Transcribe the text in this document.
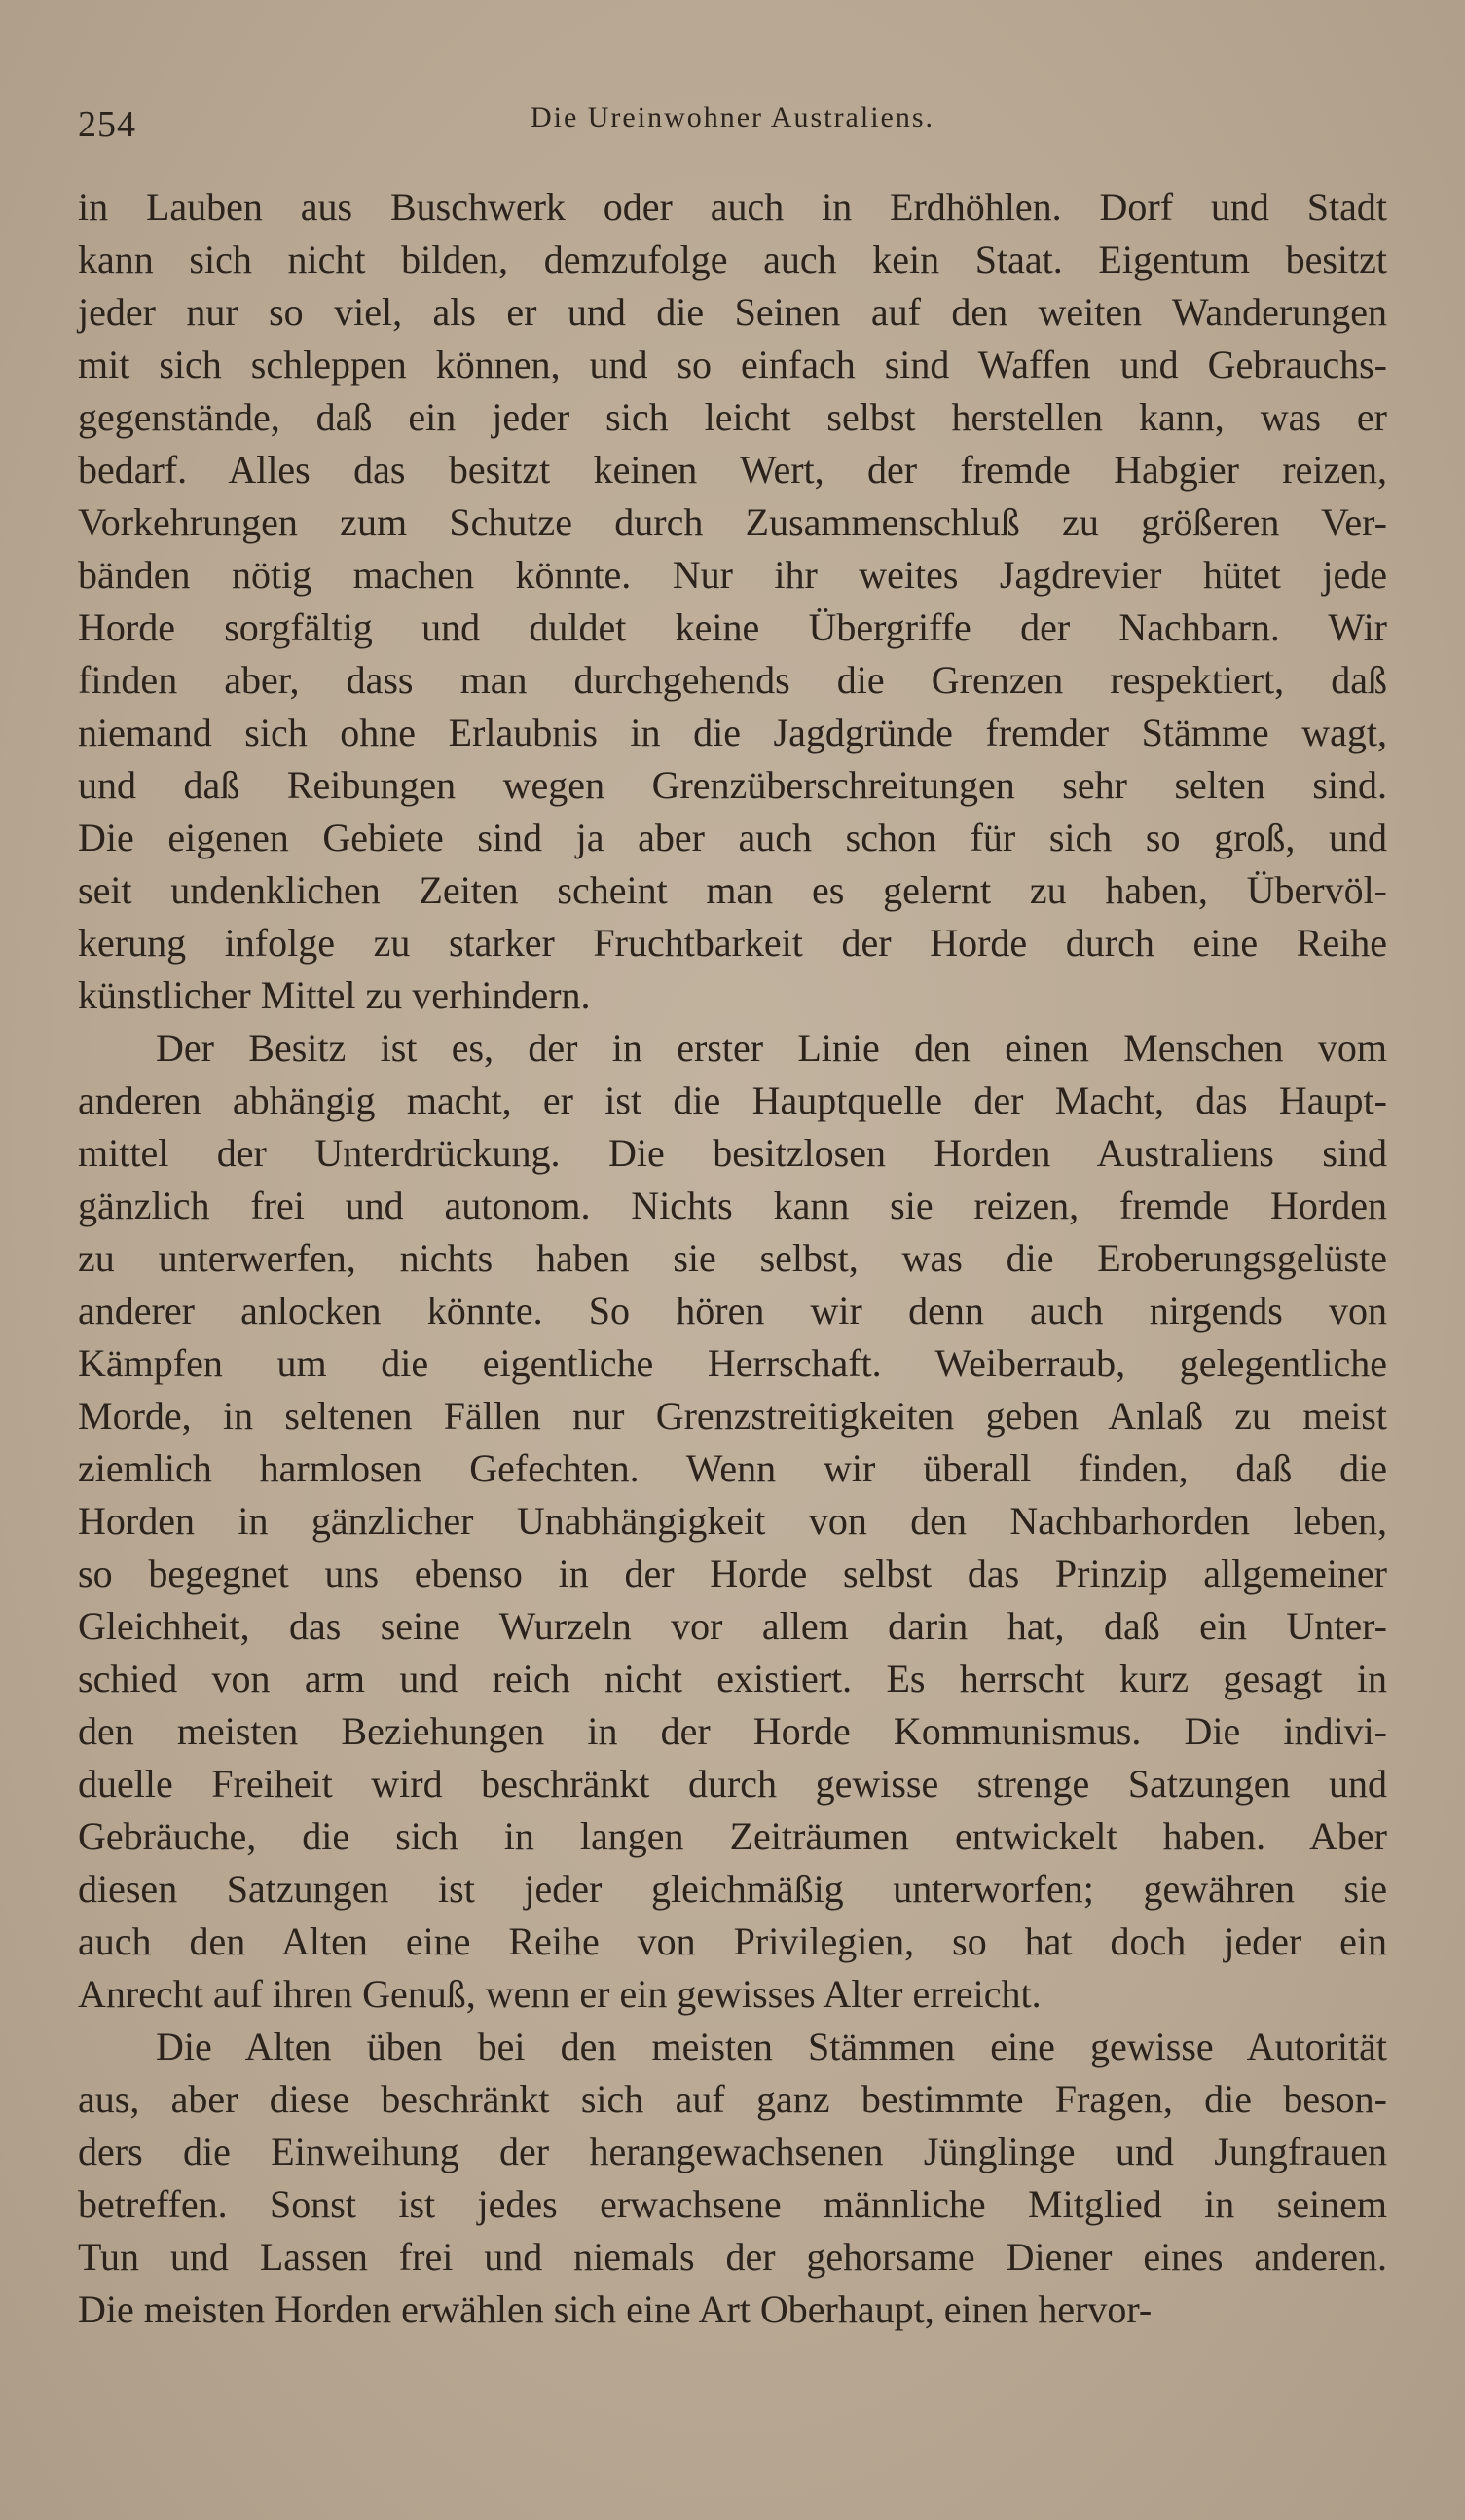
254	Die Ureinwohner Australiens.
in Lauben aus Buschwerk oder auch in Erdhöhlen. Dorf und Stadt
kann sich nicht bilden, demzufolge auch kein Staat. Eigentum besitzt
jeder nur so viel, als er und die Seinen auf den weiten Wanderungen
mit sich schleppen können, und so einfach sind Waffen und Gebrauchs-
gegenstände, daß ein jeder sich leicht selbst herstellen kann, was er
bedarf. Alles das besitzt keinen Wert, der fremde Habgier reizen,
Vorkehrungen zum Schutze durch Zusammenschluß zu größeren Ver-
bänden nötig machen könnte. Nur ihr weites Jagdrevier hütet jede
Horde sorgfältig und duldet keine Übergriffe der Nachbarn. Wir
finden aber, dass man durchgehends die Grenzen respektiert, daß
niemand sich ohne Erlaubnis in die Jagdgründe fremder Stämme wagt,
und daß Reibungen wegen Grenzüberschreitungen sehr selten sind.
Die eigenen Gebiete sind ja aber auch schon für sich so groß, und
seit undenklichen Zeiten scheint man es gelernt zu haben, Übervöl-
kerung infolge zu starker Fruchtbarkeit der Horde durch eine Reihe
künstlicher Mittel zu verhindern.
Der Besitz ist es, der in erster Linie den einen Menschen vom
anderen abhängig macht, er ist die Hauptquelle der Macht, das Haupt-
mittel der Unterdrückung. Die besitzlosen Horden Australiens sind
gänzlich frei und autonom. Nichts kann sie reizen, fremde Horden
zu unterwerfen, nichts haben sie selbst, was die Eroberungsgelüste
anderer anlocken könnte. So hören wir denn auch nirgends von
Kämpfen um die eigentliche Herrschaft. Weiberraub, gelegentliche
Morde, in seltenen Fällen nur Grenzstreitigkeiten geben Anlaß zu meist
ziemlich harmlosen Gefechten. Wenn wir überall finden, daß die
Horden in gänzlicher Unabhängigkeit von den Nachbarhorden leben,
so begegnet uns ebenso in der Horde selbst das Prinzip allgemeiner
Gleichheit, das seine Wurzeln vor allem darin hat, daß ein Unter-
schied von arm und reich nicht existiert. Es herrscht kurz gesagt in
den meisten Beziehungen in der Horde Kommunismus. Die indivi-
duelle Freiheit wird beschränkt durch gewisse strenge Satzungen und
Gebräuche, die sich in langen Zeiträumen entwickelt haben. Aber
diesen Satzungen ist jeder gleichmäßig unterworfen; gewähren sie
auch den Alten eine Reihe von Privilegien, so hat doch jeder ein
Anrecht auf ihren Genuß, wenn er ein gewisses Alter erreicht.
Die Alten üben bei den meisten Stämmen eine gewisse Autorität
aus, aber diese beschränkt sich auf ganz bestimmte Fragen, die beson-
ders die Einweihung der herangewachsenen Jünglinge und Jungfrauen
betreffen. Sonst ist jedes erwachsene männliche Mitglied in seinem
Tun und Lassen frei und niemals der gehorsame Diener eines anderen.
Die meisten Horden erwählen sich eine Art Oberhaupt, einen hervor-
